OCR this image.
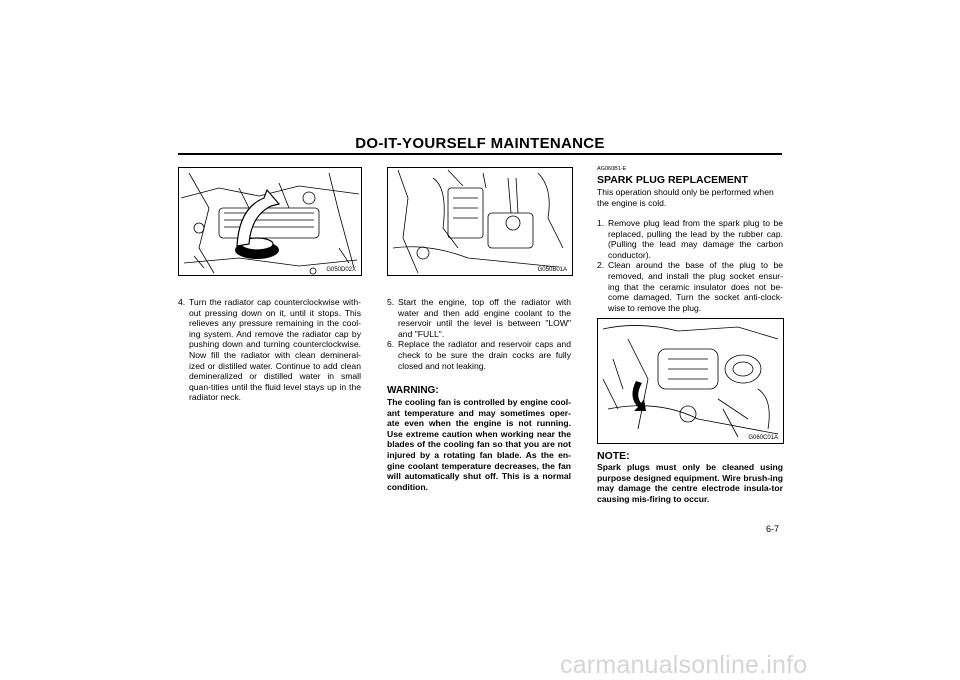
DO-IT-YOURSELF MAINTENANCE
G050D02X	G050B01A
4. Turn the radiator cap counterclockwise with-out pressing down on it, until it stops. This relieves any pressure remaining in the cool-ing system. And remove the radiator cap by pushing down and turning counterclockwise. Now fill the radiator with clean demineral-ized or distilled water. Continue to add clean demineralized or distilled water in small quan-tities until the fluid level stays up in the radiator neck.
5. Start the engine, top off the radiator with water and then add engine coolant to the reservoir until the level is between "LOW" and "FULL".
6. Replace the radiator and reservoir caps and check to be sure the drain cocks are fully closed and not leaking.
WARNING:
The cooling fan is controlled by engine cool-ant temperature and may sometimes oper-ate even when the engine is not running. Use extreme caution when working near the blades of the cooling fan so that you are not injured by a rotating fan blade. As the en-gine coolant temperature decreases, the fan will automatically shut off. This is a normal condition.
AG060B1-E
SPARK PLUG REPLACEMENT
This operation should only be performed when the engine is cold.
1. Remove plug lead from the spark plug to be replaced, pulling the lead by the rubber cap. (Pulling the lead may damage the carbon conductor).
2. Clean around the base of the plug to be removed, and install the plug socket ensur-ing that the ceramic insulator does not be-come damaged. Turn the socket anti-clock-wise to remove the plug.
G060C01A
NOTE:
Spark plugs must only be cleaned using purpose designed equipment. Wire brush-ing may damage the centre electrode insula-tor causing mis-firing to occur.
6-7
carmanualsonline.info
